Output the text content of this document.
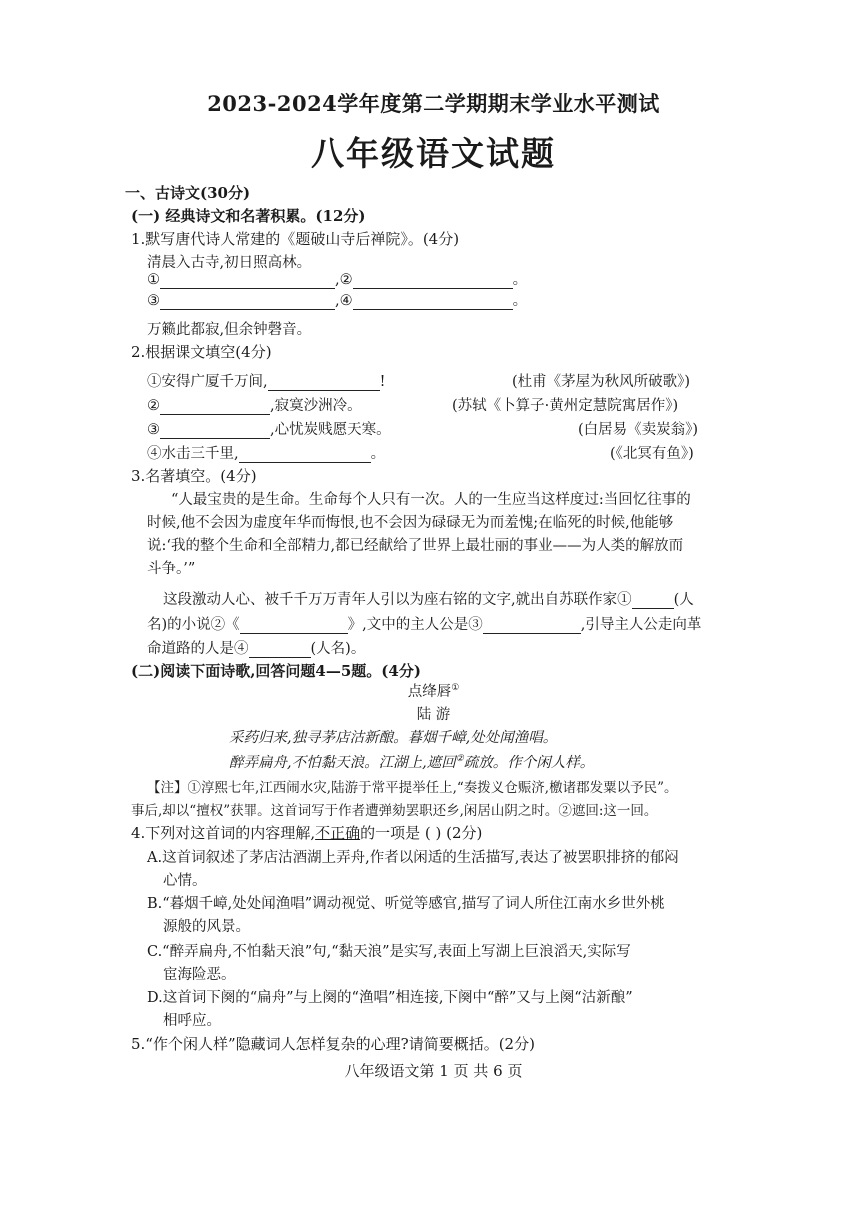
2023-2024学年度第二学期期末学业水平测试
八年级语文试题
一、古诗文(30分)
(一) 经典诗文和名著积累。(12分)
1.默写唐代诗人常建的《题破山寺后禅院》。(4分)
清晨入古寺,初日照高林。
①	,②	。
③	,④	。
万籁此都寂,但余钟磬音。
2.根据课文填空(4分)
①安得广厦千万间,	!	(杜甫《茅屋为秋风所破歌》)
②	,寂寞沙洲冷。	(苏轼《卜算子·黄州定慧院寓居作》)
③	,心忧炭贱愿天寒。	(白居易《卖炭翁》)
④水击三千里,	。	(《北冥有鱼》)
3.名著填空。(4分)
“人最宝贵的是生命。生命每个人只有一次。人的一生应当这样度过:当回忆往事的
时候,他不会因为虚度年华而悔恨,也不会因为碌碌无为而羞愧;在临死的时候,他能够
说:‘我的整个生命和全部精力,都已经献给了世界上最壮丽的事业——为人类的解放而
斗争。’”
这段激动人心、被千千万万青年人引以为座右铭的文字,就出自苏联作家①	(人
名)的小说②《	》,文中的主人公是③	,引导主人公走向革
命道路的人是④	(人名)。
(二)阅读下面诗歌,回答问题4—5题。(4分)
点绛唇①
陆 游
采药归来,独寻茅店沽新酿。暮烟千嶂,处处闻渔唱。
醉弄扁舟,不怕黏天浪。江湖上,遮回②疏放。作个闲人样。
【注】①淳熙七年,江西闹水灾,陆游于常平提举任上,“奏拨义仓赈济,檄诸郡发粟以予民”。
事后,却以“擅权”获罪。这首词写于作者遭弹劾罢职还乡,闲居山阴之时。②遮回:这一回。
4.下列对这首词的内容理解,不正确的一项是 ( ) (2分)
A.这首词叙述了茅店沽酒湖上弄舟,作者以闲适的生活描写,表达了被罢职排挤的郁闷
心情。
B.“暮烟千嶂,处处闻渔唱”调动视觉、听觉等感官,描写了词人所住江南水乡世外桃
源般的风景。
C.“醉弄扁舟,不怕黏天浪”句,“黏天浪”是实写,表面上写湖上巨浪滔天,实际写
宦海险恶。
D.这首词下阕的“扁舟”与上阕的“渔唱”相连接,下阕中“醉”又与上阕“沽新酿”
相呼应。
5.“作个闲人样”隐藏词人怎样复杂的心理?请简要概括。(2分)
八年级语文第 1 页 共 6 页
